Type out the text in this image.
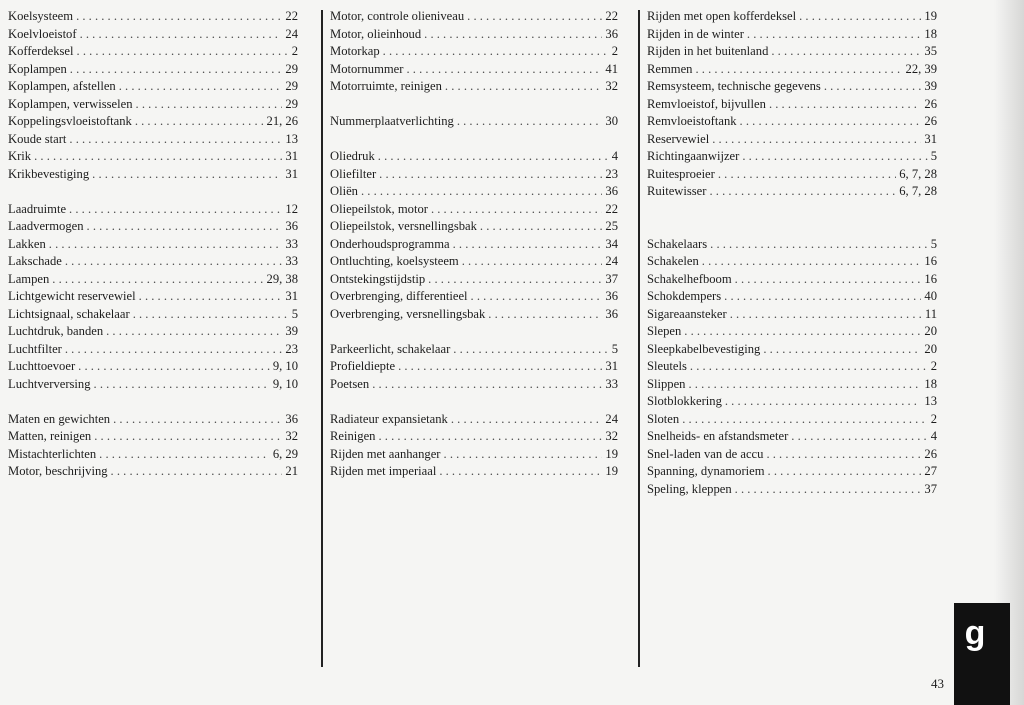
Koelsysteem . . .	22
Koelvloeistof . . .	24
Kofferdeksel . . .	2
Koplampen . . .	29
Koplampen, afstellen . . .	29
Koplampen, verwisselen . . .	29
Koppelingsvloeistoftank . . .	21, 26
Koude start . . .	13
Krik . . .	31
Krikbevestiging . . .	31
Laadruimte . . .	12
Laadvermogen . . .	36
Lakken . . .	33
Lakschade . . .	33
Lampen . . .	29, 38
Lichtgewicht reservewiel . . .	31
Lichtsignaal, schakelaar . . .	5
Luchtdruk, banden . . .	39
Luchtfilter . . .	23
Luchttoevoer . . .	9, 10
Luchtverversing . . .	9, 10
Maten en gewichten . . .	36
Matten, reinigen . . .	32
Mistachterlichten . . .	6, 29
Motor, beschrijving . . .	21
Motor, controle olieniveau . . .	22
Motor, olieinhoud . . .	36
Motorkap . . .	2
Motornummer . . .	41
Motorruimte, reinigen . . .	32
Nummerplaatverlichting . . .	30
Oliedruk . . .	4
Oliefilter . . .	23
Oliën . . .	36
Oliepeilstok, motor . . .	22
Oliepeilstok, versnellingsbak . . .	25
Onderhoudsprogramma . . .	34
Ontluchting, koelsysteem . . .	24
Ontstekingstijdstip . . .	37
Overbrenging, differentieel . . .	36
Overbrenging, versnellingsbak . . .	36
Parkeerlicht, schakelaar . . .	5
Profieldiepte . . .	31
Poetsen . . .	33
Radiateur expansietank . . .	24
Reinigen . . .	32
Rijden met aanhanger . . .	19
Rijden met imperiaal . . .	19
Rijden met open kofferdeksel . . .	19
Rijden in de winter . . .	18
Rijden in het buitenland . . .	35
Remmen . . .	22, 39
Remsysteem, technische gegevens . . .	39
Remvloeistof, bijvullen . . .	26
Remvloeistoftank . . .	26
Reservewiel . . .	31
Richtingaanwijzer . . .	5
Ruitesproeier . . .	6, 7, 28
Ruitewisser . . .	6, 7, 28
Schakelaars . . .	5
Schakelen . . .	16
Schakelhefboom . . .	16
Schokdempers . . .	40
Sigareaansteker . . .	11
Slepen . . .	20
Sleepkabelbevestiging . . .	20
Sleutels . . .	2
Slippen . . .	18
Slotblokkering . . .	13
Sloten . . .	2
Snelheids- en afstandsmeter . . .	4
Snel-laden van de accu . . .	26
Spanning, dynamoriem . . .	27
Speling, kleppen . . .	37
g
43
